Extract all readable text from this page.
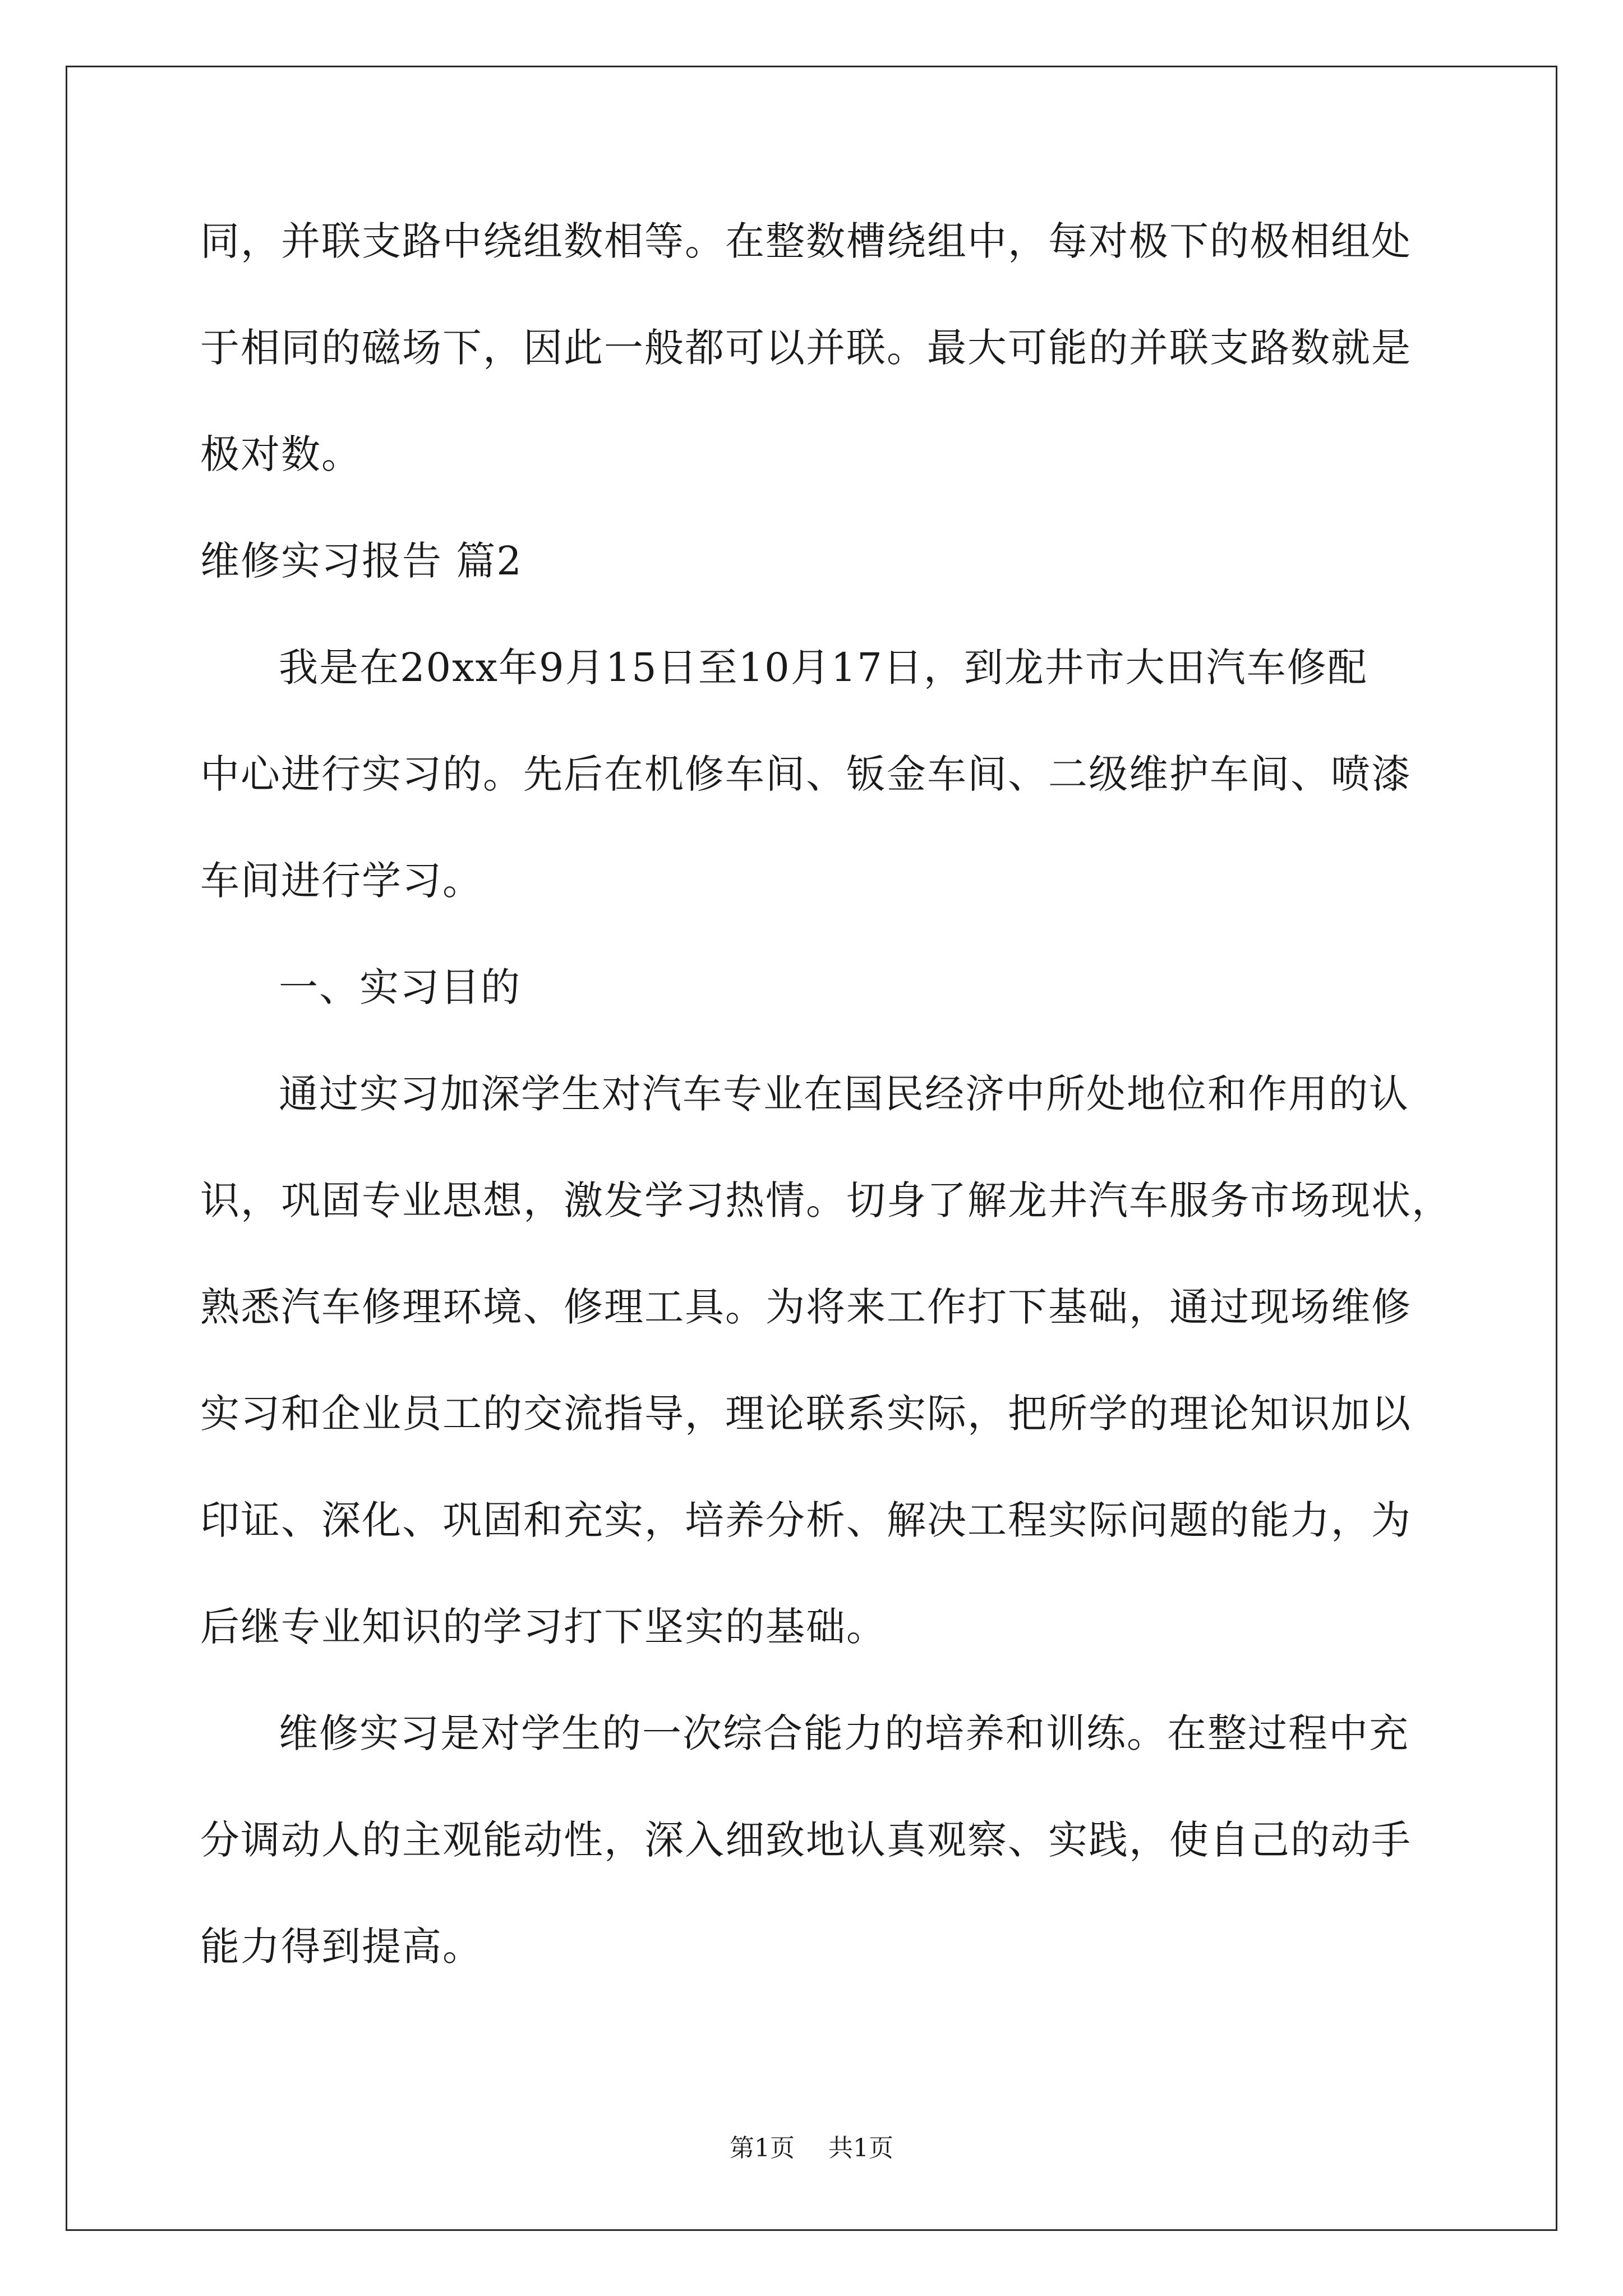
同，并联支路中绕组数相等。在整数槽绕组中，每对极下的极相组处
于相同的磁场下，因此一般都可以并联。最大可能的并联支路数就是
极对数。
维修实习报告 篇2
我是在20xx年9月15日至10月17日，到龙井市大田汽车修配
中心进行实习的。先后在机修车间、钣金车间、二级维护车间、喷漆
车间进行学习。
一、实习目的
通过实习加深学生对汽车专业在国民经济中所处地位和作用的认
识，巩固专业思想，激发学习热情。切身了解龙井汽车服务市场现状，
熟悉汽车修理环境、修理工具。为将来工作打下基础，通过现场维修
实习和企业员工的交流指导，理论联系实际，把所学的理论知识加以
印证、深化、巩固和充实，培养分析、解决工程实际问题的能力，为
后继专业知识的学习打下坚实的基础。
维修实习是对学生的一次综合能力的培养和训练。在整过程中充
分调动人的主观能动性，深入细致地认真观察、实践，使自己的动手
能力得到提高。
第1页 共1页
